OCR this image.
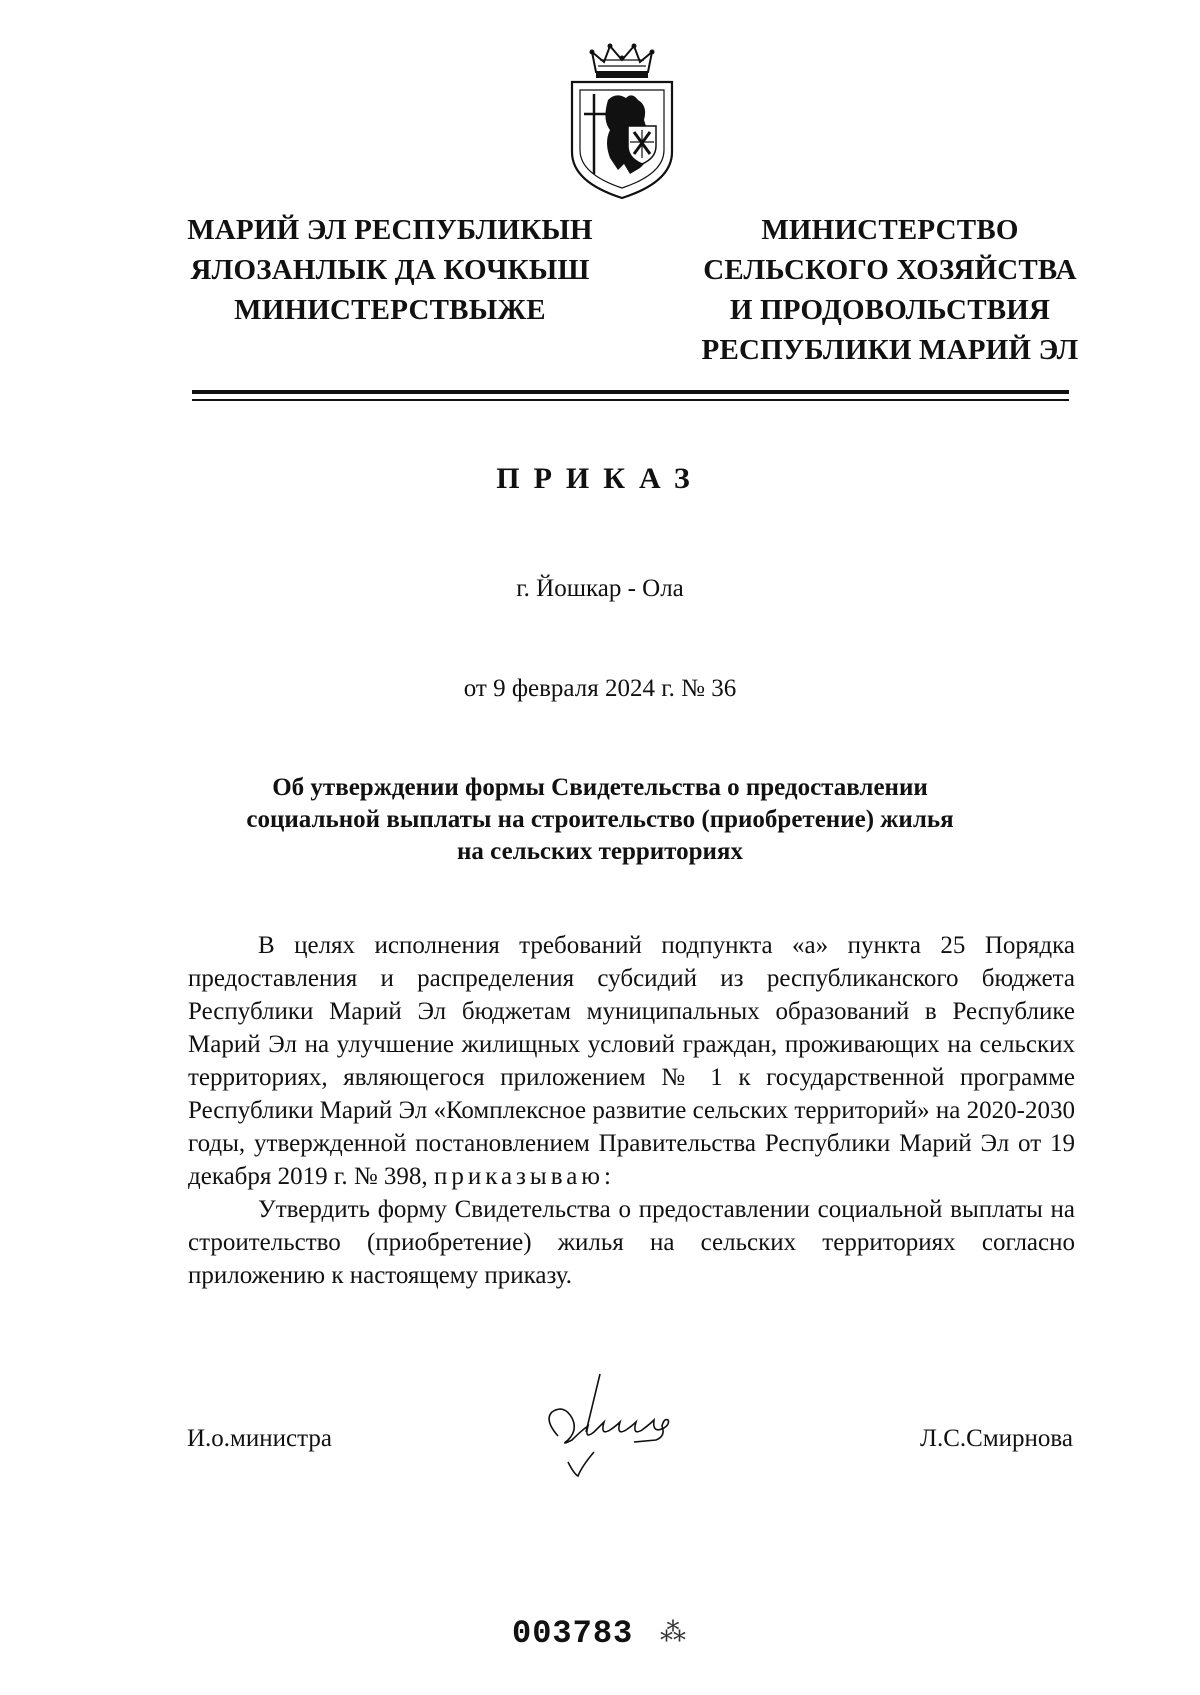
МАРИЙ ЭЛ РЕСПУБЛИКЫН
ЯЛОЗАНЛЫК ДА КОЧКЫШ
МИНИСТЕРСТВЫЖЕ
МИНИСТЕРСТВО
СЕЛЬСКОГО ХОЗЯЙСТВА
И ПРОДОВОЛЬСТВИЯ
РЕСПУБЛИКИ МАРИЙ ЭЛ
ПРИКАЗ
г. Йошкар - Ола
от 9 февраля 2024 г. № 36
Об утверждении формы Свидетельства о предоставлении
социальной выплаты на строительство (приобретение) жилья
на сельских территориях

В целях исполнения требований подпункта «а» пункта 25 Порядка предоставления и распределения субсидий из республиканского бюджета Республики Марий Эл бюджетам муниципальных образований в Республике Марий Эл на улучшение жилищных условий граждан, проживающих на сельских территориях, являющегося приложением № 1 к государственной программе Республики Марий Эл «Комплексное развитие сельских территорий» на 2020-2030 годы, утвержденной постановлением Правительства Республики Марий Эл от 19 декабря 2019 г. № 398, приказываю:

Утвердить форму Свидетельства о предоставлении социальной выплаты на строительство (приобретение) жилья на сельских территориях согласно приложению к настоящему приказу.

И.о.министра	Л.С.Смирнова
003783 ⁂
